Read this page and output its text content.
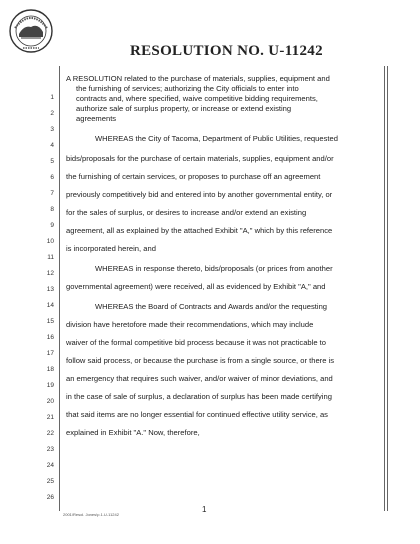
RESOLUTION NO. U-11242
1
2
3
4
5
6
7
8
9
10
11
12
13
14
15
16
17
18
19
20
21
22
23
24
25
26
A RESOLUTION related to the purchase of materials, supplies, equipment and
the furnishing of services; authorizing the City officials to enter into
contracts and, where specified, waive competitive bidding requirements,
authorize sale of surplus property, or increase or extend existing
agreements
WHEREAS the City of Tacoma, Department of Public Utilities, requested
bids/proposals for the purchase of certain materials, supplies, equipment and/or
the furnishing of certain services, or proposes to purchase off an agreement
previously competitively bid and entered into by another governmental entity, or
for the sales of surplus, or desires to increase and/or extend an existing
agreement, all as explained by the attached Exhibit "A," which by this reference
is incorporated herein, and
WHEREAS in response thereto, bids/proposals (or prices from another
governmental agreement) were received, all as evidenced by Exhibit "A," and
WHEREAS the Board of Contracts and Awards and/or the requesting
division have heretofore made their recommendations, which may include
waiver of the formal competitive bid process because it was not practicable to
follow said process, or because the purchase is from a single source, or there is
an emergency that requires such waiver, and/or waiver of minor deviations, and
in the case of sale of surplus, a declaration of surplus has been made certifying
that said items are no longer essential for continued effective utility service, as
explained in Exhibit "A." Now, therefore,
1
2001\Resol. Jones\p.1.U-11242
